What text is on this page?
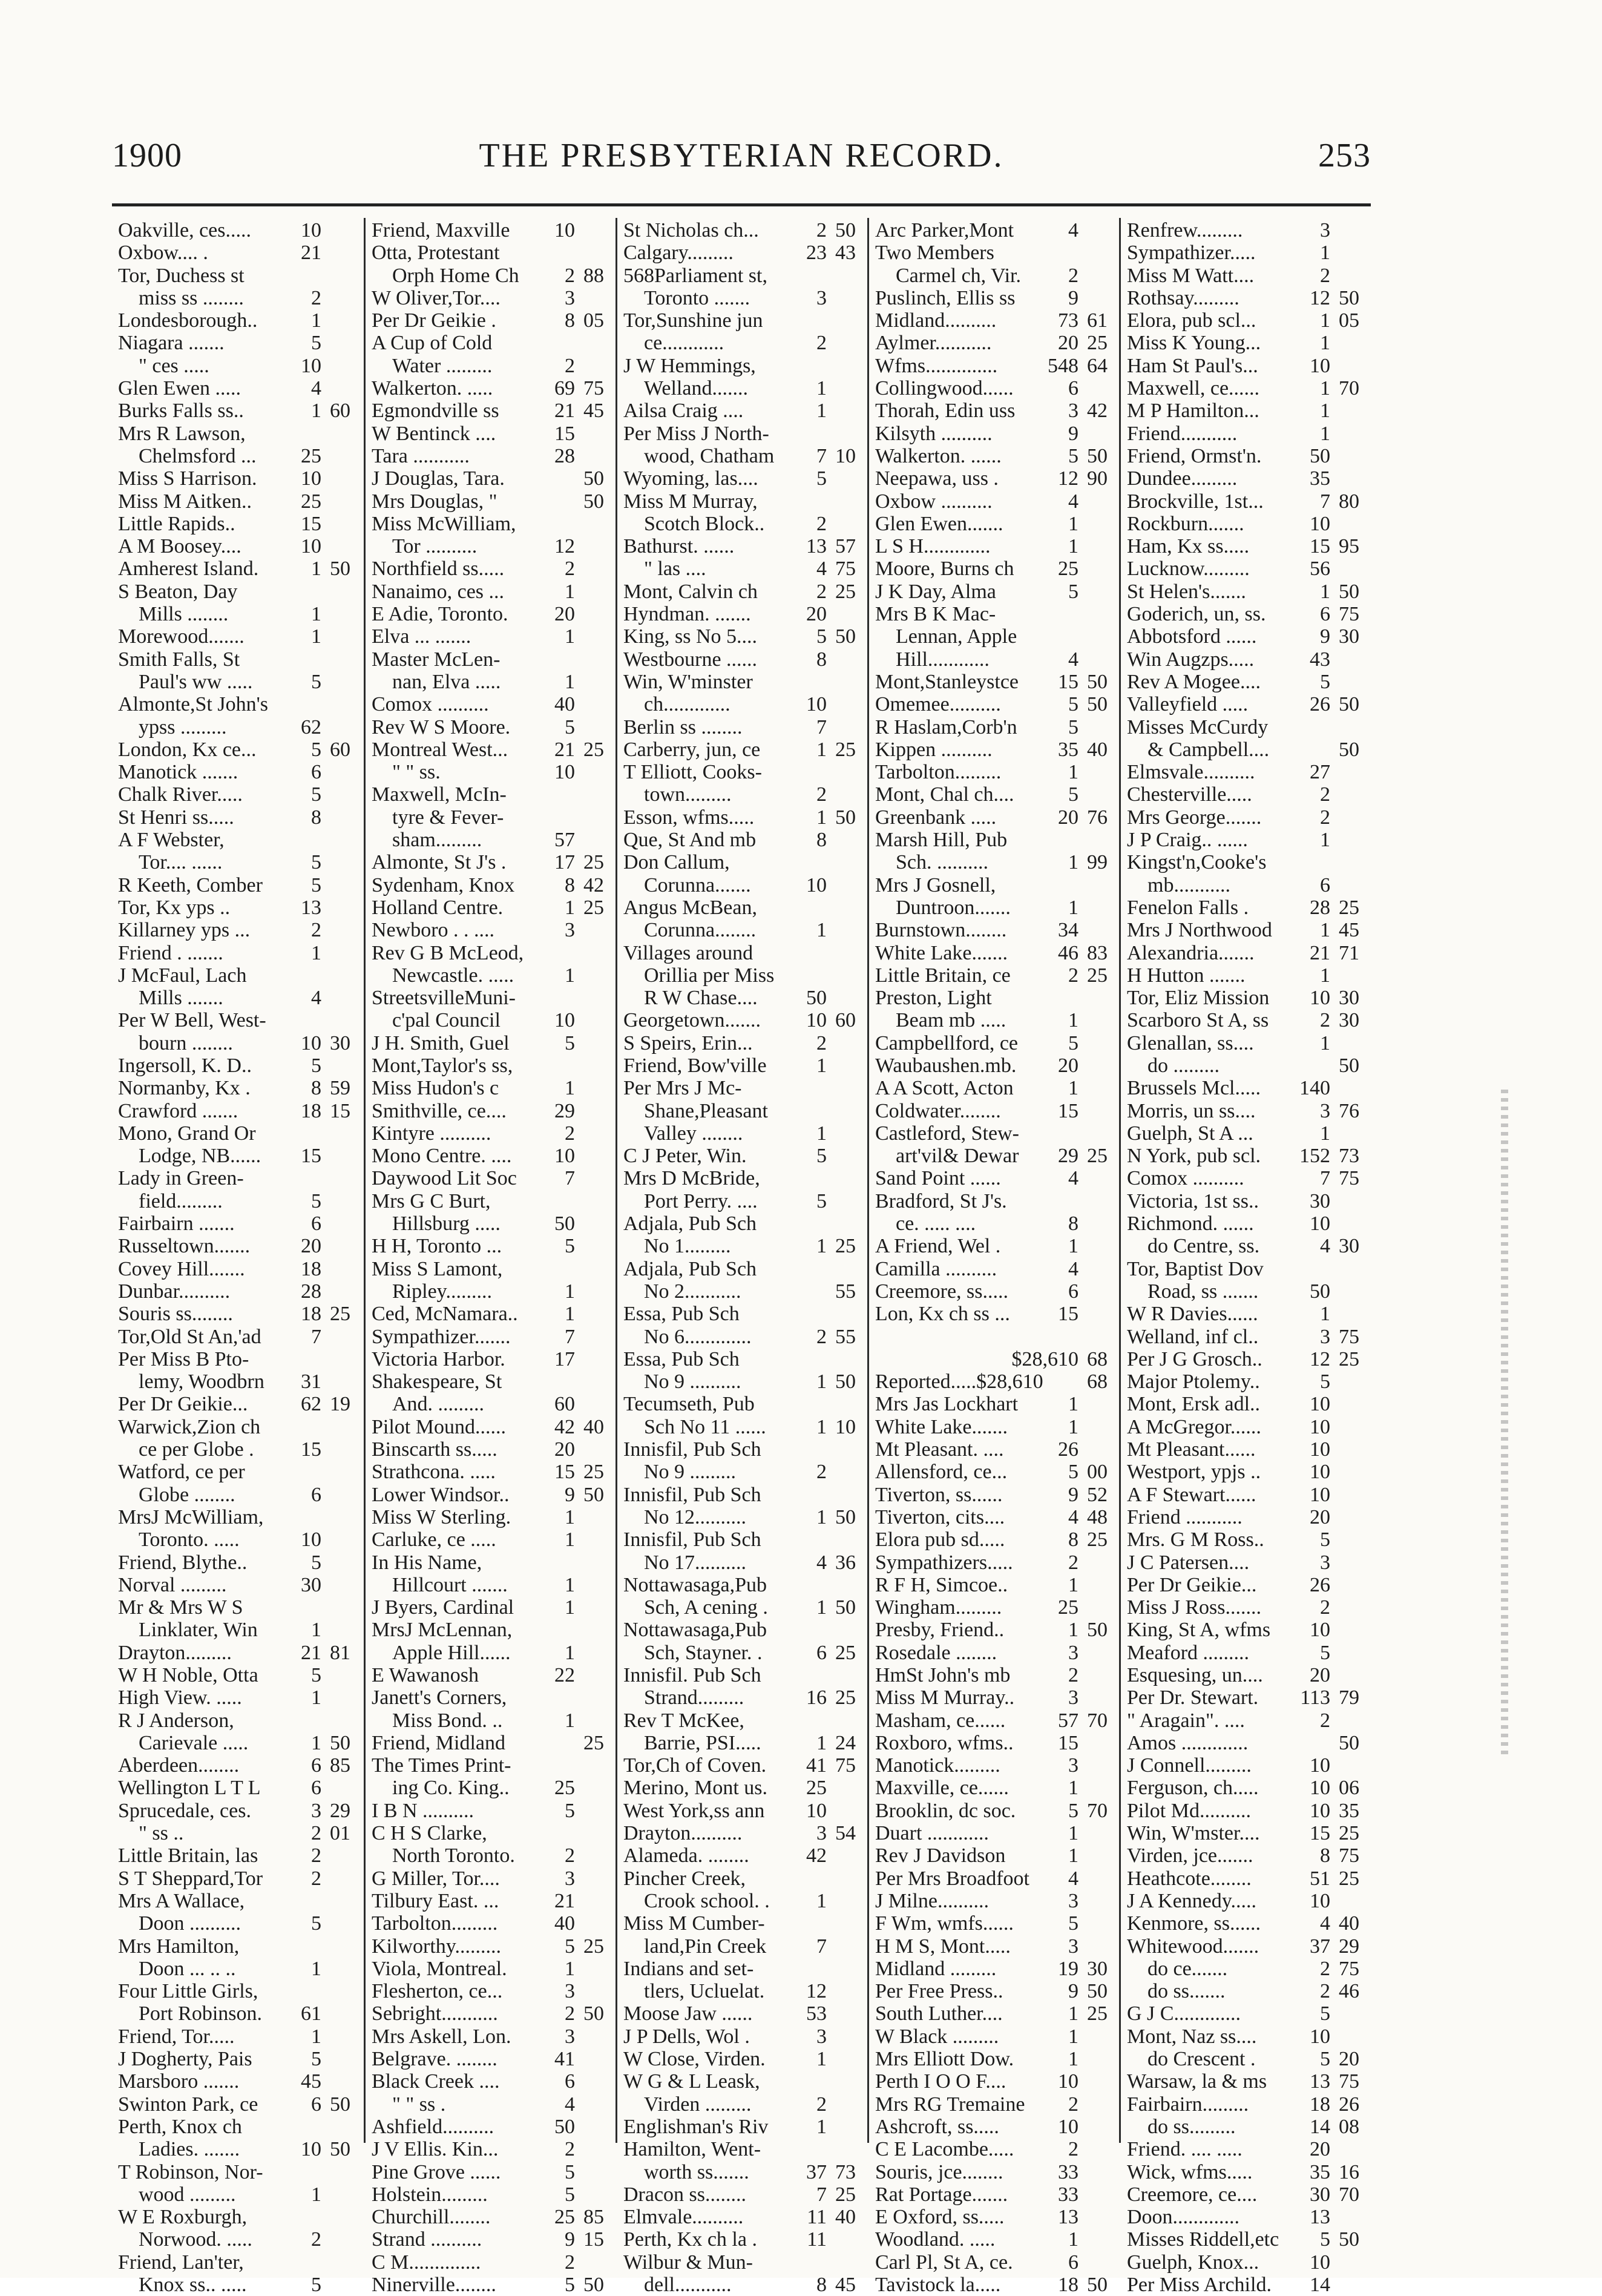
1900	THE PRESBYTERIAN RECORD.	253
Oakville, ces.....	10
Oxbow.... .	21
Tor, Duchess st
 miss ss ........	2
Londesborough..	1
Niagara .......	5
 " ces .....	10
Glen Ewen .....	4
Burks Falls ss..	1 60
Mrs R Lawson,
 Chelmsford ...	25
Miss S Harrison.	10
Miss M Aitken..	25
Little Rapids..	15
A M Boosey....	10
Amherest Island.	1 50
S Beaton, Day
 Mills ........	1
Morewood.......	1
Smith Falls, St
 Paul's ww .....	5
Almonte,St John's
 ypss .........	62
London, Kx ce...	5 60
Manotick .......	6
Chalk River.....	5
St Henri ss.....	8
A F Webster,
 Tor.... ......	5
R Keeth, Comber	5
Tor, Kx yps ..	13
Killarney yps ...	2
Friend . .......	1
J McFaul, Lach
 Mills .......	4
Per W Bell, West-
 bourn ........	10 30
Ingersoll, K. D..	5
Normanby, Kx .	8 59
Crawford .......	18 15
Mono, Grand Or
 Lodge, NB......	15
Lady in Green-
 field.........	5
Fairbairn .......	6
Russeltown.......	20
Covey Hill.......	18
Dunbar..........	28
Souris ss........	18 25
Tor,Old St An,'ad	7
Per Miss B Pto-
 lemy, Woodbrn	31
Per Dr Geikie...	62 19
Warwick,Zion ch
 ce per Globe .	15
Watford, ce per
 Globe ........	6
MrsJ McWilliam,
 Toronto. .....	10
Friend, Blythe..	5
Norval .........	30
Mr & Mrs W S
 Linklater, Win	1
Drayton.........	21 81
W H Noble, Otta	5
High View. .....	1
R J Anderson,
 Carievale .....	1 50
Aberdeen........	6 85
Wellington L T L	6
Sprucedale, ces.	3 29
 " ss ..	2 01
Little Britain, las	2
S T Sheppard,Tor	2
Mrs A Wallace,
 Doon ..........	5
Mrs Hamilton,
 Doon ... .. ..	1
Four Little Girls,
 Port Robinson.	61
Friend, Tor.....	1
J Dogherty, Pais	5
Marsboro .......	45
Swinton Park, ce	6 50
Perth, Knox ch
 Ladies. .......	10 50
T Robinson, Nor-
 wood .........	1
W E Roxburgh,
 Norwood. .....	2
Friend, Lan'ter,
 Knox ss.. .....	5
Friend, Maxville	10
Otta, Protestant
 Orph Home Ch	2 88
W Oliver,Tor....	3
Per Dr Geikie .	8 05
A Cup of Cold
 Water .........	2
Walkerton. .....	69 75
Egmondville ss	21 45
W Bentinck ....	15
Tara ...........	28
J Douglas, Tara.	50
Mrs Douglas, "	50
Miss McWilliam,
 Tor ..........	12
Northfield ss.....	2
Nanaimo, ces ...	1
E Adie, Toronto.	20
Elva ... .......	1
Master McLen-
 nan, Elva .....	1
Comox ..........	40
Rev W S Moore.	5
Montreal West...	21 25
 " " ss.	10
Maxwell, McIn-
 tyre & Fever-
 sham.........	57
Almonte, St J's .	17 25
Sydenham, Knox	8 42
Holland Centre.	1 25
Newboro . . ....	3
Rev G B McLeod,
 Newcastle. .....	1
StreetsvilleMuni-
 c'pal Council	10
J H. Smith, Guel	5
Mont,Taylor's ss,
Miss Hudon's c	1
Smithville, ce....	29
Kintyre ..........	2
Mono Centre. ....	10
Daywood Lit Soc	7
Mrs G C Burt,
 Hillsburg .....	50
H H, Toronto ...	5
Miss S Lamont,
 Ripley.........	1
Ced, McNamara..	1
Sympathizer.......	7
Victoria Harbor.	17
Shakespeare, St
 And. .........	60
Pilot Mound......	42 40
Binscarth ss.....	20
Strathcona. .....	15 25
Lower Windsor..	9 50
Miss W Sterling.	1
Carluke, ce .....	1
In His Name,
 Hillcourt .......	1
J Byers, Cardinal	1
MrsJ McLennan,
 Apple Hill......	1
E Wawanosh	22
Janett's Corners,
 Miss Bond. ..	1
Friend, Midland	25
The Times Print-
 ing Co. King..	25
I B N ..........	5
C H S Clarke,
 North Toronto.	2
G Miller, Tor....	3
Tilbury East. ...	21
Tarbolton.........	40
Kilworthy.........	5 25
Viola, Montreal.	1
Flesherton, ce...	3
Sebright...........	2 50
Mrs Askell, Lon.	3
Belgrave. ........	41
Black Creek ....	6
 " " ss .	4
Ashfield..........	50
J V Ellis. Kin...	2
Pine Grove ......	5
Holstein.........	5
Churchill........	25 85
Strand ..........	9 15
C M..............	2
Ninerville........	5 50
St Nicholas ch...	2 50
Calgary.........	23 43
568Parliament st,
 Toronto .......	3
Tor,Sunshine jun
 ce............	2
J W Hemmings,
 Welland.......	1
Ailsa Craig ....	1
Per Miss J North-
 wood, Chatham	7 10
Wyoming, las....	5
Miss M Murray,
 Scotch Block..	2
Bathurst. ......	13 57
 " las ....	4 75
Mont, Calvin ch	2 25
Hyndman. .......	20
King, ss No 5....	5 50
Westbourne ......	8
Win, W'minster
 ch.............	10
Berlin ss ........	7
Carberry, jun, ce	1 25
T Elliott, Cooks-
 town.........	2
Esson, wfms.....	1 50
Que, St And mb	8
Don Callum,
 Corunna.......	10
Angus McBean,
 Corunna........	1
Villages around
 Orillia per Miss
 R W Chase....	50
Georgetown.......	10 60
S Speirs, Erin...	2
Friend, Bow'ville	1
Per Mrs J Mc-
 Shane,Pleasant
 Valley ........	1
C J Peter, Win.	5
Mrs D McBride,
 Port Perry. ....	5
Adjala, Pub Sch
 No 1.........	1 25
Adjala, Pub Sch
 No 2...........	55
Essa, Pub Sch
 No 6.............	2 55
Essa, Pub Sch
 No 9 ..........	1 50
Tecumseth, Pub
 Sch No 11 ......	1 10
Innisfil, Pub Sch
 No 9 .........	2
Innisfil, Pub Sch
 No 12..........	1 50
Innisfil, Pub Sch
 No 17..........	4 36
Nottawasaga,Pub
 Sch, A cening .	1 50
Nottawasaga,Pub
 Sch, Stayner. .	6 25
Innisfil. Pub Sch
 Strand.........	16 25
Rev T McKee,
 Barrie, PSI.....	1 24
Tor,Ch of Coven.	41 75
Merino, Mont us.	25
West York,ss ann	10
Drayton..........	3 54
Alameda. ........	42
Pincher Creek,
 Crook school. .	1
Miss M Cumber-
 land,Pin Creek	7
Indians and set-
 tlers, Ucluelat.	12
Moose Jaw ......	53
J P Dells, Wol .	3
W Close, Virden.	1
W G & L Leask,
 Virden .........	2
Englishman's Riv	1
Hamilton, Went-
 worth ss.......	37 73
Dracon ss........	7 25
Elmvale..........	11 40
Perth, Kx ch la .	11
Wilbur & Mun-
 dell...........	8 45
Arc Parker,Mont	4
Two Members
 Carmel ch, Vir.	2
Puslinch, Ellis ss	9
Midland..........	73 61
Aylmer...........	20 25
Wfms..............	548 64
Collingwood......	6
Thorah, Edin uss	3 42
Kilsyth ..........	9
Walkerton. ......	5 50
Neepawa, uss .	12 90
Oxbow ..........	4
Glen Ewen.......	1
L S H.............	1
Moore, Burns ch	25
J K Day, Alma	5
Mrs B K Mac-
 Lennan, Apple
 Hill............	4
Mont,Stanleystce	15 50
Omemee..........	5 50
R Haslam,Corb'n	5
Kippen ..........	35 40
Tarbolton.........	1
Mont, Chal ch....	5
Greenbank .....	20 76
Marsh Hill, Pub
 Sch. ..........	1 99
Mrs J Gosnell,
 Duntroon.......	1
Burnstown........	34
White Lake.......	46 83
Little Britain, ce	2 25
Preston, Light
 Beam mb .....	1
Campbellford, ce	5
Waubaushen.mb.	20
A A Scott, Acton	1
Coldwater........	15
Castleford, Stew-
 art'vil& Dewar	29 25
Sand Point ......	4
Bradford, St J's.
 ce. ..... ....	8
A Friend, Wel .	1
Camilla ..........	4
Creemore, ss.....	6
Lon, Kx ch ss ...	15
$28,610 68
Reported.....$28,610	68
Mrs Jas Lockhart	1
White Lake.......	1
Mt Pleasant. ....	26
Allensford, ce...	5 00
Tiverton, ss......	9 52
Tiverton, cits....	4 48
Elora pub sd.....	8 25
Sympathizers.....	2
R F H, Simcoe..	1
Wingham.........	25
Presby, Friend..	1 50
Rosedale ........	3
HmSt John's mb	2
Miss M Murray..	3
Masham, ce......	57 70
Roxboro, wfms..	15
Manotick.........	3
Maxville, ce......	1
Brooklin, dc soc.	5 70
Duart ............	1
Rev J Davidson	1
Per Mrs Broadfoot	4
J Milne..........	3
F Wm, wmfs......	5
H M S, Mont.....	3
Midland .........	19 30
Per Free Press..	9 50
South Luther....	1 25
W Black .........	1
Mrs Elliott Dow.	1
Perth I O O F....	10
Mrs RG Tremaine	2
Ashcroft, ss.....	10
C E Lacombe.....	2
Souris, jce........	33
Rat Portage.......	33
E Oxford, ss.....	13
Woodland. .....	1
Carl Pl, St A, ce.	6
Tavistock la.....	18 50
Renfrew.........	3
Sympathizer.....	1
Miss M Watt....	2
Rothsay.........	12 50
Elora, pub scl...	1 05
Miss K Young...	1
Ham St Paul's...	10
Maxwell, ce......	1 70
M P Hamilton...	1
Friend...........	1
Friend, Ormst'n.	50
Dundee.........	35
Brockville, 1st...	7 80
Rockburn.......	10
Ham, Kx ss.....	15 95
Lucknow.........	56
St Helen's.......	1 50
Goderich, un, ss.	6 75
Abbotsford ......	9 30
Win Augzps.....	43
Rev A Mogee....	5
Valleyfield .....	26 50
Misses McCurdy
 & Campbell....	50
Elmsvale..........	27
Chesterville.....	2
Mrs George.......	2
J P Craig.. ......	1
Kingst'n,Cooke's
 mb...........	6
Fenelon Falls .	28 25
Mrs J Northwood	1 45
Alexandria.......	21 71
H Hutton .......	1
Tor, Eliz Mission	10 30
Scarboro St A, ss	2 30
Glenallan, ss....	1
 do .........	50
Brussels Mcl.....	140
Morris, un ss....	3 76
Guelph, St A ...	1
N York, pub scl.	152 73
Comox ..........	7 75
Victoria, 1st ss..	30
Richmond. ......	10
 do Centre, ss.	4 30
Tor, Baptist Dov
 Road, ss .......	50
W R Davies......	1
Welland, inf cl..	3 75
Per J G Grosch..	12 25
Major Ptolemy..	5
Mont, Ersk adl..	10
A McGregor......	10
Mt Pleasant......	10
Westport, ypjs ..	10
A F Stewart......	10
Friend ...........	20
Mrs. G M Ross..	5
J C Patersen....	3
Per Dr Geikie...	26
Miss J Ross.......	2
King, St A, wfms	10
Meaford .........	5
Esquesing, un....	20
Per Dr. Stewart.	113 79
" Aragain". ....	2
Amos .............	50
J Connell.........	10
Ferguson, ch.....	10 06
Pilot Md..........	10 35
Win, W'mster....	15 25
Virden, jce.......	8 75
Heathcote........	51 25
J A Kennedy.....	10
Kenmore, ss......	4 40
Whitewood.......	37 29
 do ce.......	2 75
 do ss.......	2 46
G J C.............	5
Mont, Naz ss....	10
 do Crescent .	5 20
Warsaw, la & ms	13 75
Fairbairn.........	18 26
 do ss.........	14 08
Friend. .... .....	20
Wick, wfms.....	35 16
Creemore, ce....	30 70
Doon.............	13
Misses Riddell,etc	5 50
Guelph, Knox...	10
Per Miss Archild.	14
